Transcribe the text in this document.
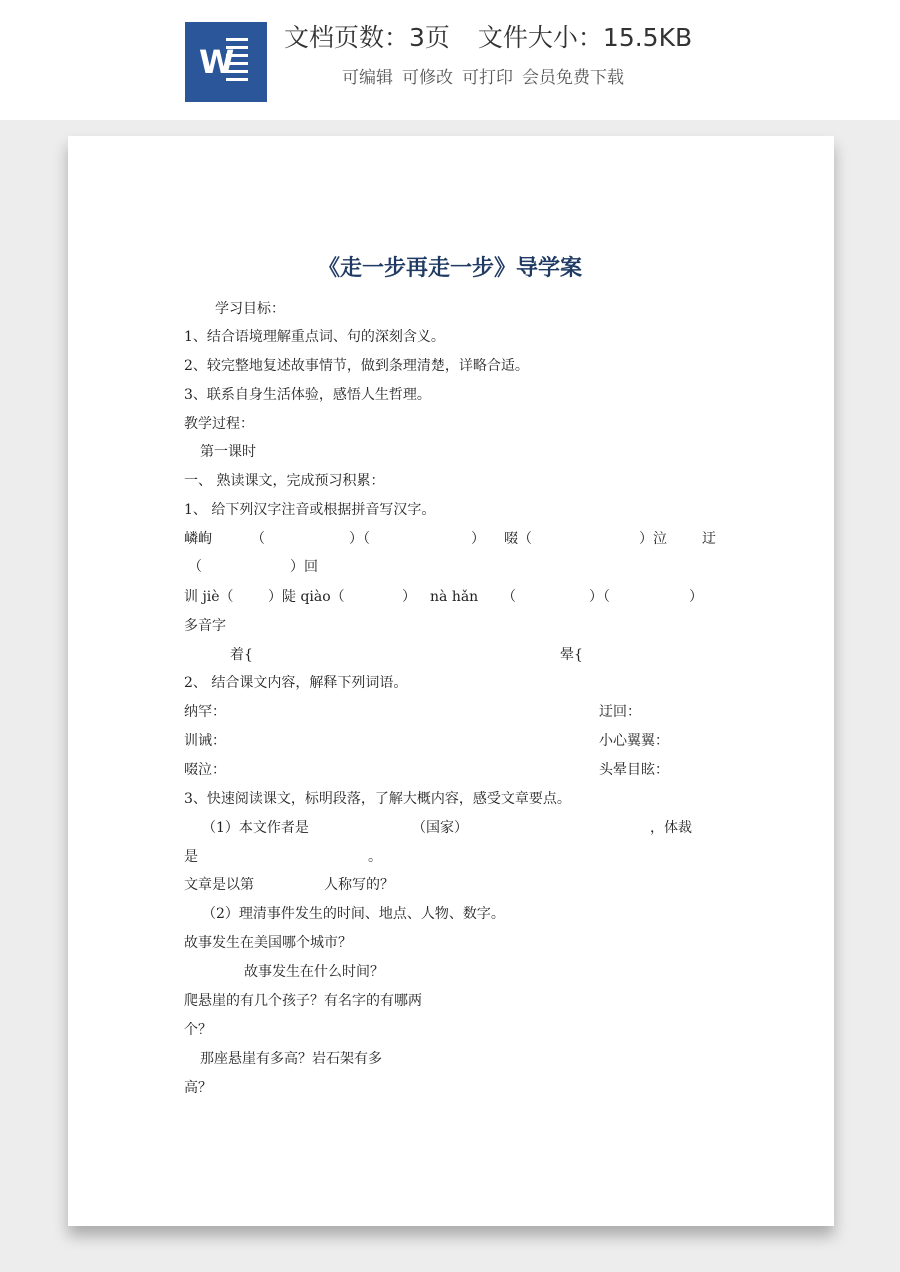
W
文档页数：3页 文件大小：15.5KB
可编辑 可修改 可打印 会员免费下载
《走一步再走一步》导学案
学习目标：
1、结合语境理解重点词、句的深刻含义。
2、较完整地复述故事情节，做到条理清楚，详略合适。
3、联系自身生活体验，感悟人生哲理。
教学过程：
第一课时
一、 熟读课文，完成预习积累：
1、 给下列汉字注音或根据拼音写汉字。
嶙峋	（	）（	） 啜（	）泣	迂
（	）回
训 jiè（ ）陡 qiào（	） nà hǎn （	）（	）
多音字
着{	晕{
2、 结合课文内容，解释下列词语。
纳罕：	迂回：
训诫：	小心翼翼：
啜泣：	头晕目眩：
3、快速阅读课文，标明段落，了解大概内容，感受文章要点。
（1）本文作者是	（国家）	，体裁
是	。
文章是以第	人称写的？
（2）理清事件发生的时间、地点、人物、数字。
故事发生在美国哪个城市？
故事发生在什么时间？
爬悬崖的有几个孩子？有名字的有哪两
个？
那座悬崖有多高？岩石架有多
高？
